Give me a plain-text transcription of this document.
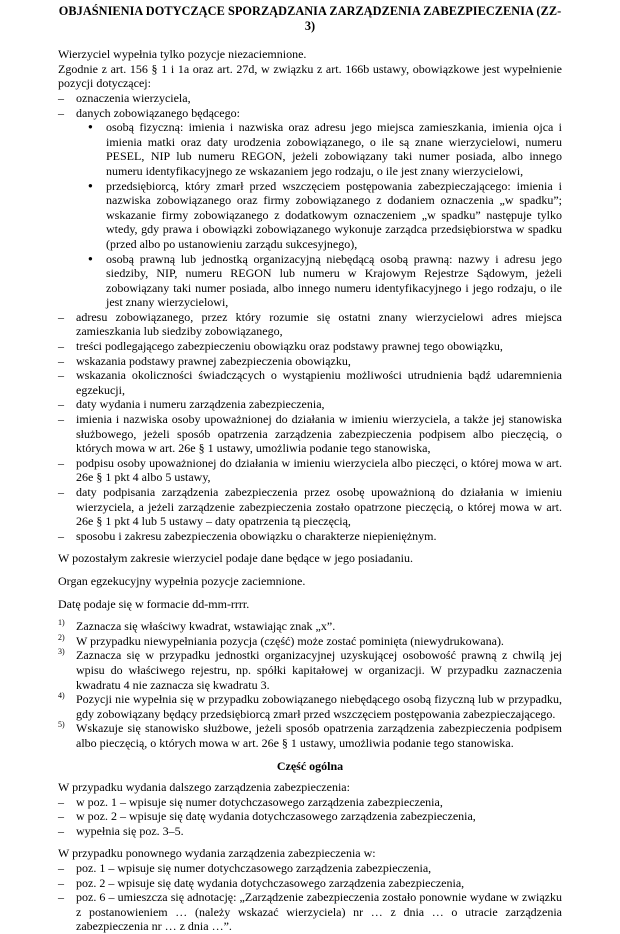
OBJAŚNIENIA DOTYCZĄCE SPORZĄDZANIA ZARZĄDZENIA ZABEZPIECZENIA (ZZ-3)

Wierzyciel wypełnia tylko pozycje niezaciemnione.

Zgodnie z art. 156 § 1 i 1a oraz art. 27d, w związku z art. 166b ustawy, obowiązkowe jest wypełnienie pozycji dotyczącej:

– oznaczenia wierzyciela,
– danych zobowiązanego będącego:
● osobą fizyczną: imienia i nazwiska oraz adresu jego miejsca zamieszkania, imienia ojca i imienia matki oraz daty urodzenia zobowiązanego, o ile są znane wierzycielowi, numeru PESEL, NIP lub numeru REGON, jeżeli zobowiązany taki numer posiada, albo innego numeru identyfikacyjnego ze wskazaniem jego rodzaju, o ile jest znany wierzycielowi,
● przedsiębiorcą, który zmarł przed wszczęciem postępowania zabezpieczającego: imienia i nazwiska zobowiązanego oraz firmy zobowiązanego z dodaniem oznaczenia „w spadku”; wskazanie firmy zobowiązanego z dodatkowym oznaczeniem „w spadku” następuje tylko wtedy, gdy prawa i obowiązki zobowiązanego wykonuje zarządca przedsiębiorstwa w spadku (przed albo po ustanowieniu zarządu sukcesyjnego),
● osobą prawną lub jednostką organizacyjną niebędącą osobą prawną: nazwy i adresu jego siedziby, NIP, numeru REGON lub numeru w Krajowym Rejestrze Sądowym, jeżeli zobowiązany taki numer posiada, albo innego numeru identyfikacyjnego i jego rodzaju, o ile jest znany wierzycielowi,
– adresu zobowiązanego, przez który rozumie się ostatni znany wierzycielowi adres miejsca zamieszkania lub siedziby zobowiązanego,
– treści podlegającego zabezpieczeniu obowiązku oraz podstawy prawnej tego obowiązku,
– wskazania podstawy prawnej zabezpieczenia obowiązku,
– wskazania okoliczności świadczących o wystąpieniu możliwości utrudnienia bądź udaremnienia egzekucji,
– daty wydania i numeru zarządzenia zabezpieczenia,
– imienia i nazwiska osoby upoważnionej do działania w imieniu wierzyciela, a także jej stanowiska służbowego, jeżeli sposób opatrzenia zarządzenia zabezpieczenia podpisem albo pieczęcią, o których mowa w art. 26e § 1 ustawy, umożliwia podanie tego stanowiska,
– podpisu osoby upoważnionej do działania w imieniu wierzyciela albo pieczęci, o której mowa w art. 26e § 1 pkt 4 albo 5 ustawy,
– daty podpisania zarządzenia zabezpieczenia przez osobę upoważnioną do działania w imieniu wierzyciela, a jeżeli zarządzenie zabezpieczenia zostało opatrzone pieczęcią, o której mowa w art. 26e § 1 pkt 4 lub 5 ustawy – daty opatrzenia tą pieczęcią,
– sposobu i zakresu zabezpieczenia obowiązku o charakterze niepieniężnym.

W pozostałym zakresie wierzyciel podaje dane będące w jego posiadaniu.

Organ egzekucyjny wypełnia pozycje zaciemnione.

Datę podaje się w formacie dd-mm-rrrr.

1) Zaznacza się właściwy kwadrat, wstawiając znak „x”.
2) W przypadku niewypełniania pozycja (część) może zostać pominięta (niewydrukowana).
3) Zaznacza się w przypadku jednostki organizacyjnej uzyskującej osobowość prawną z chwilą jej wpisu do właściwego rejestru, np. spółki kapitałowej w organizacji. W przypadku zaznaczenia kwadratu 4 nie zaznacza się kwadratu 3.
4) Pozycji nie wypełnia się w przypadku zobowiązanego niebędącego osobą fizyczną lub w przypadku, gdy zobowiązany będący przedsiębiorcą zmarł przed wszczęciem postępowania zabezpieczającego.
5) Wskazuje się stanowisko służbowe, jeżeli sposób opatrzenia zarządzenia zabezpieczenia podpisem albo pieczęcią, o których mowa w art. 26e § 1 ustawy, umożliwia podanie tego stanowiska.
Część ogólna

W przypadku wydania dalszego zarządzenia zabezpieczenia:

– w poz. 1 – wpisuje się numer dotychczasowego zarządzenia zabezpieczenia,
– w poz. 2 – wpisuje się datę wydania dotychczasowego zarządzenia zabezpieczenia,
– wypełnia się poz. 3–5.

W przypadku ponownego wydania zarządzenia zabezpieczenia w:

– poz. 1 – wpisuje się numer dotychczasowego zarządzenia zabezpieczenia,
– poz. 2 – wpisuje się datę wydania dotychczasowego zarządzenia zabezpieczenia,
– poz. 6 – umieszcza się adnotację: „Zarządzenie zabezpieczenia zostało ponownie wydane w związku z postanowieniem … (należy wskazać wierzyciela) nr … z dnia … o utracie zarządzenia zabezpieczenia nr … z dnia …”.
